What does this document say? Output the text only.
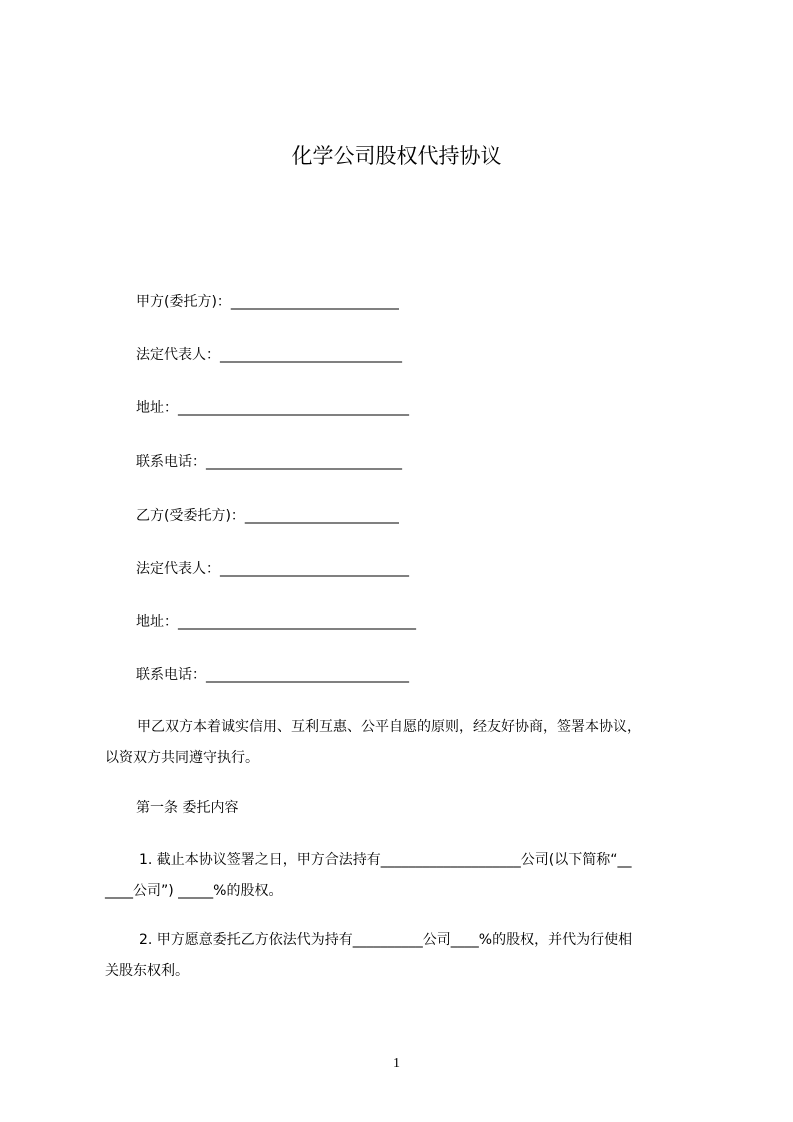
化学公司股权代持协议
甲方(委托方)：________________________
法定代表人：__________________________
地址：_________________________________
联系电话：____________________________
乙方(受委托方)：______________________
法定代表人：___________________________
地址：__________________________________
联系电话：_____________________________

　甲乙双方本着诚实信用、互利互惠、公平自愿的原则，经友好协商，签署本协议，

以资双方共同遵守执行。

第一条 委托内容

1. 截止本协议签署之日，甲方合法持有____________________公司(以下简称“__

____公司”) _____%的股权。

2. 甲方愿意委托乙方依法代为持有__________公司____%的股权，并代为行使相

关股东权利。

1
